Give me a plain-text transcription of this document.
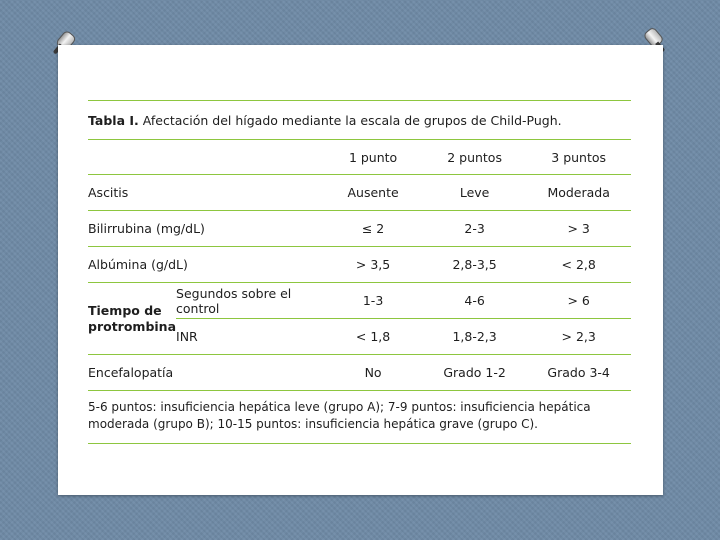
Tabla I. Afectación del hígado mediante la escala de grupos de Child-Pugh.
		1 punto	2 puntos	3 puntos
Ascitis		Ausente	Leve	Moderada
Bilirrubina (mg/dL)		≤ 2	2-3	> 3
Albúmina (g/dL)		> 3,5	2,8-3,5	< 2,8
Tiempo de protrombina	Segundos sobre el control	1-3	4-6	> 6
	INR	< 1,8	1,8-2,3	> 2,3
Encefalopatía		No	Grado 1-2	Grado 3-4
5-6 puntos: insuficiencia hepática leve (grupo A); 7-9 puntos: insuficiencia hepática moderada (grupo B); 10-15 puntos: insuficiencia hepática grave (grupo C).
